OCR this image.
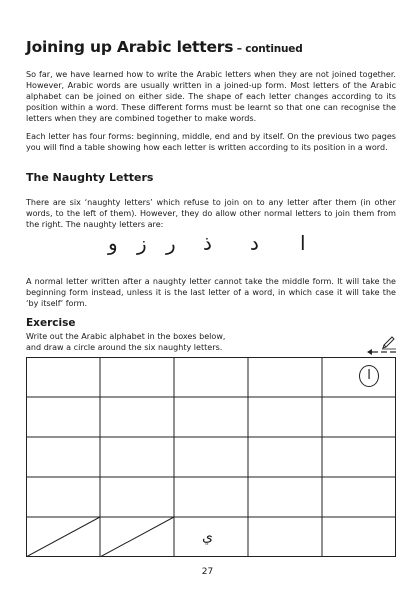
Joining up Arabic letters – continued

So far, we have learned how to write the Arabic letters when they are not joined together. However, Arabic words are usually written in a joined-up form. Most letters of the Arabic alphabet can be joined on either side. The shape of each letter changes according to its position within a word. These different forms must be learnt so that one can recognise the letters when they are combined together to make words.

Each letter has four forms: beginning, middle, end and by itself. On the previous two pages you will find a table showing how each letter is written according to its position in a word.

The Naughty Letters

There are six ‘naughty letters’ which refuse to join on to any letter after them (in other words, to the left of them). However, they do allow other normal letters to join them from the right. The naughty letters are:

ا
د
ذ
ر
ز
و

A normal letter written after a naughty letter cannot take the middle form. It will take the beginning form instead, unless it is the last letter of a word, in which case it will take the ‘by itself’ form.

Exercise
Write out the Arabic alphabet in the boxes below,
and draw a circle around the six naughty letters.
ا
ي
27
